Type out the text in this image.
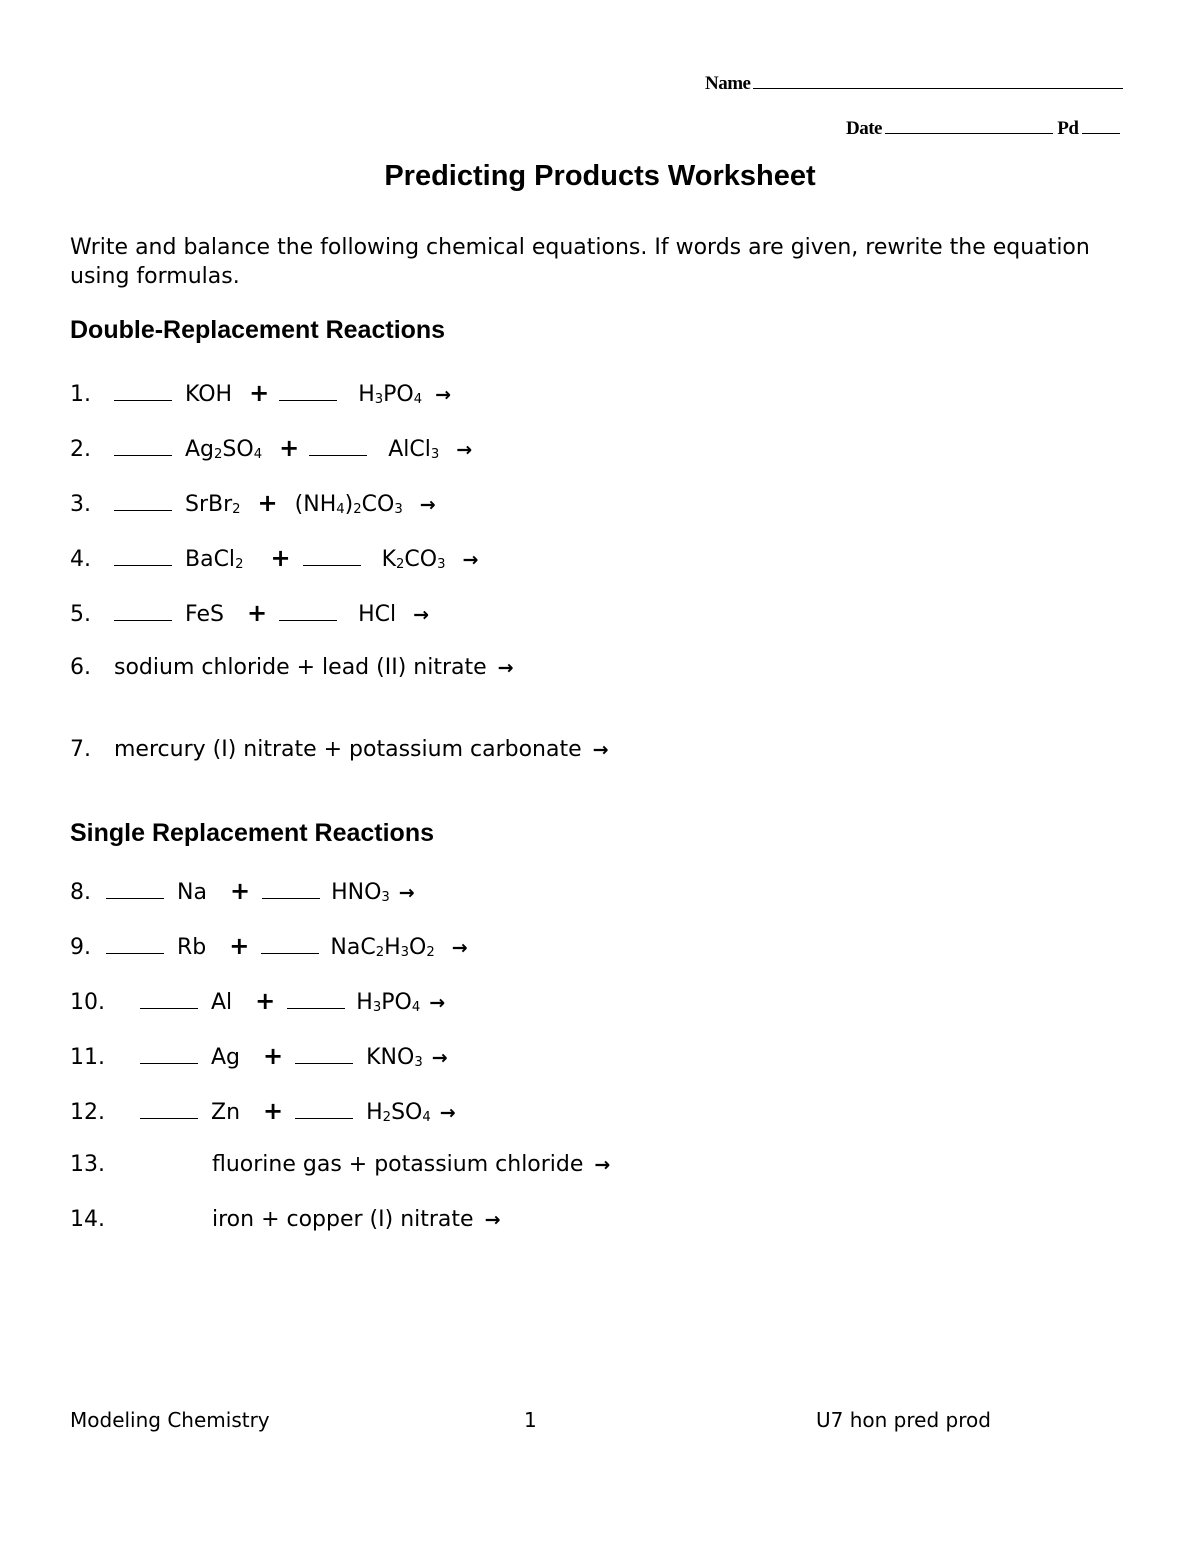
Name
Date	Pd
Predicting Products Worksheet
Write and balance the following chemical equations. If words are given, rewrite the equation using formulas.
Double-Replacement Reactions
1.	KOH +	$H_3PO_4$ →
2.	$Ag_2SO_4$ +	AlCl$_3$ →
3.	SrBr$_2$ + $(NH_4)_2CO_3$ →
4.	BaCl$_2$ +	$K_2CO_3$ →
5.	FeS +	HCl →
6. sodium chloride + lead (II) nitrate →
7. mercury (I) nitrate + potassium carbonate →
Single Replacement Reactions
8.	Na +	$HNO_3$ →
9.	Rb +	$NaC_2H_3O_2$ →
10.	Al +	$H_3PO_4$ →
11.	Ag +	$KNO_3$ →
12.	Zn +	$H_2SO_4$ →
13.	fluorine gas + potassium chloride →
14.	iron + copper (I) nitrate →
Modeling Chemistry	1	U7 hon pred prod
